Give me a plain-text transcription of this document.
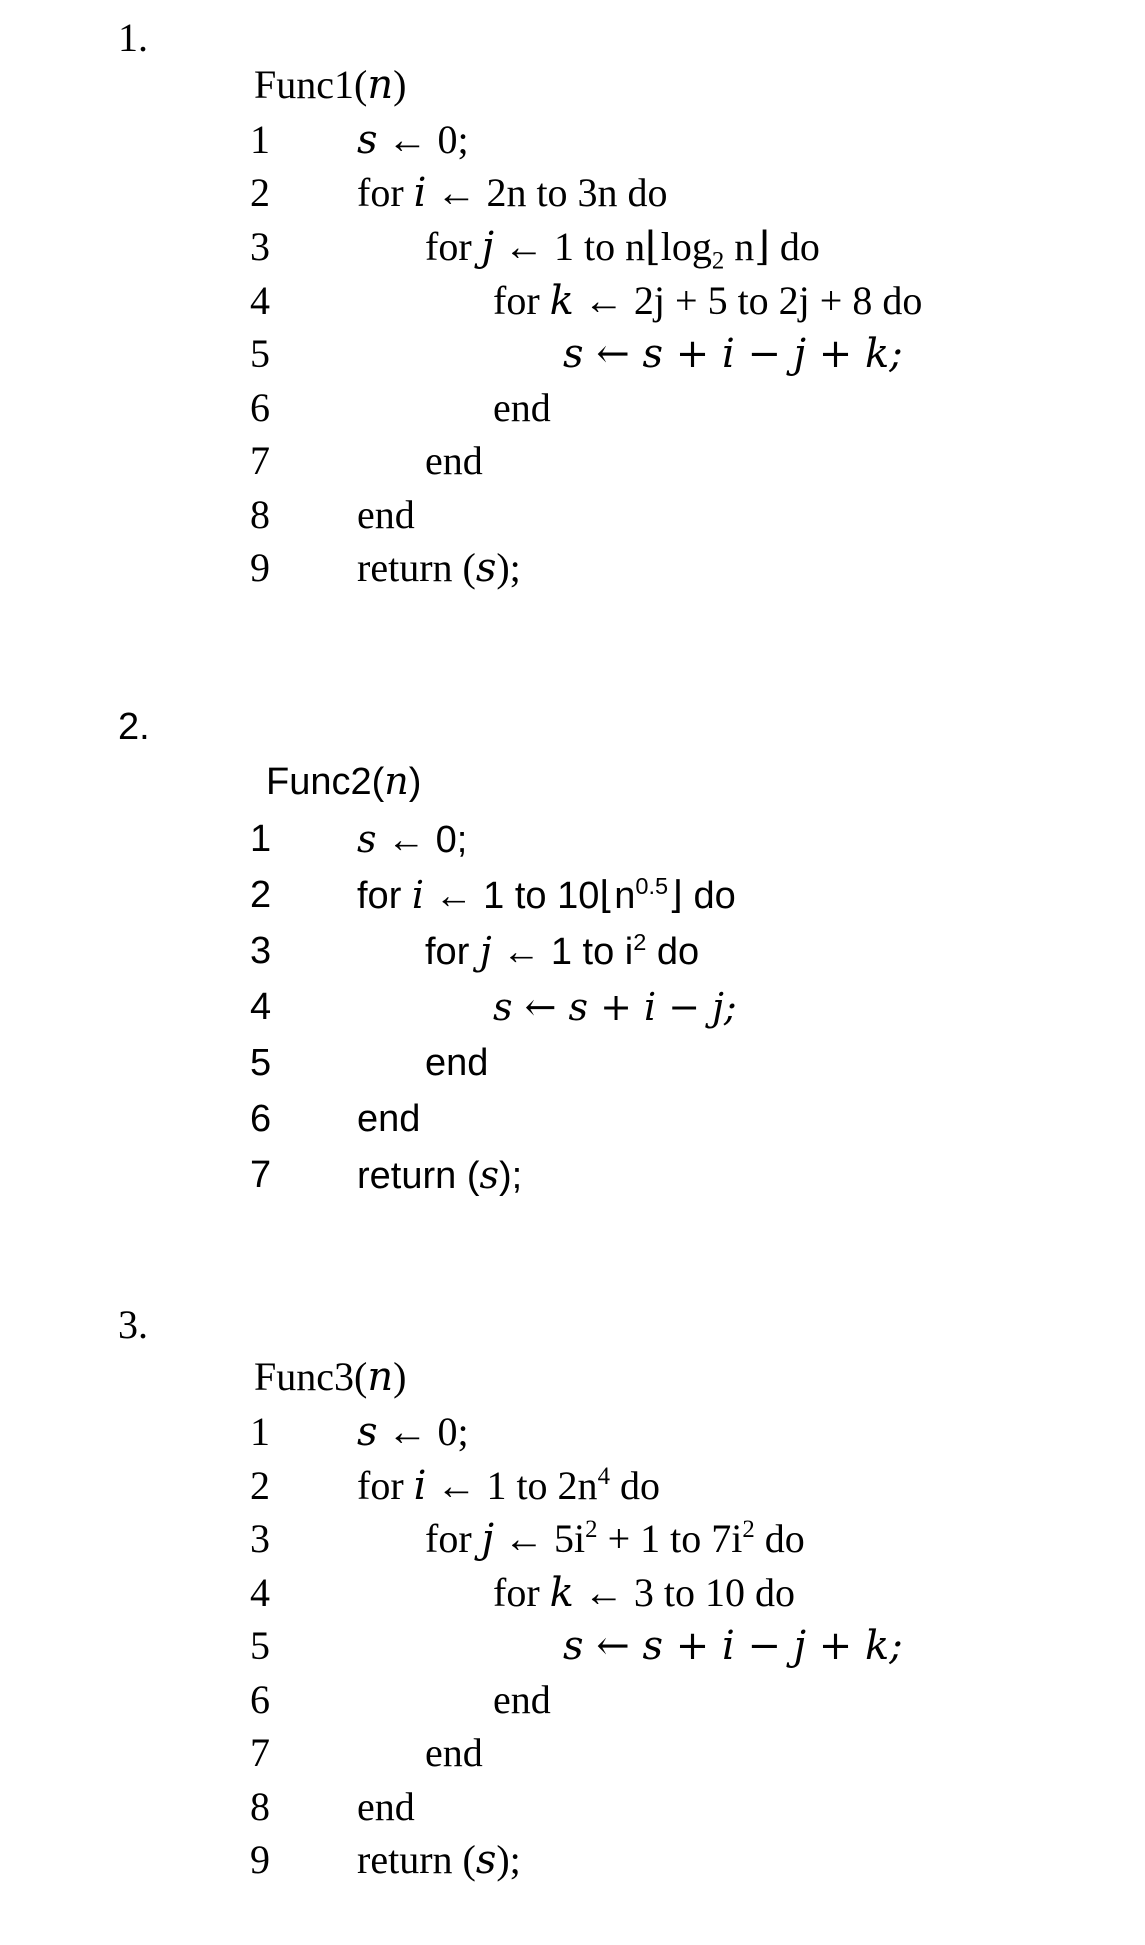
1.
Func1(n)
1
2
3
4
5
6
7
8
9
s ← 0;
for i ← 2n to 3n do
for j ← 1 to $n⌊\log_2$ n⌋ do
for k ← 2j + 5 to 2j + 8 do
s ← s + i − j + k;
end
end
end
return (s);
2.
Func2(n)
1
2
3
4
5
6
7
s ← 0;
for i ← 1 to $10⌊n^{0.5}⌋$ do
for j ← 1 to $i^2$ do
s ← s + i − j;
end
end
return (s);
3.
Func3(n)
1
2
3
4
5
6
7
8
9
s ← 0;
for i ← 1 to $2n^4$ do
for j ← $5i^2 + 1$ to $7i^2$ do
for k ← 3 to 10 do
s ← s + i − j + k;
end
end
end
return (s);
